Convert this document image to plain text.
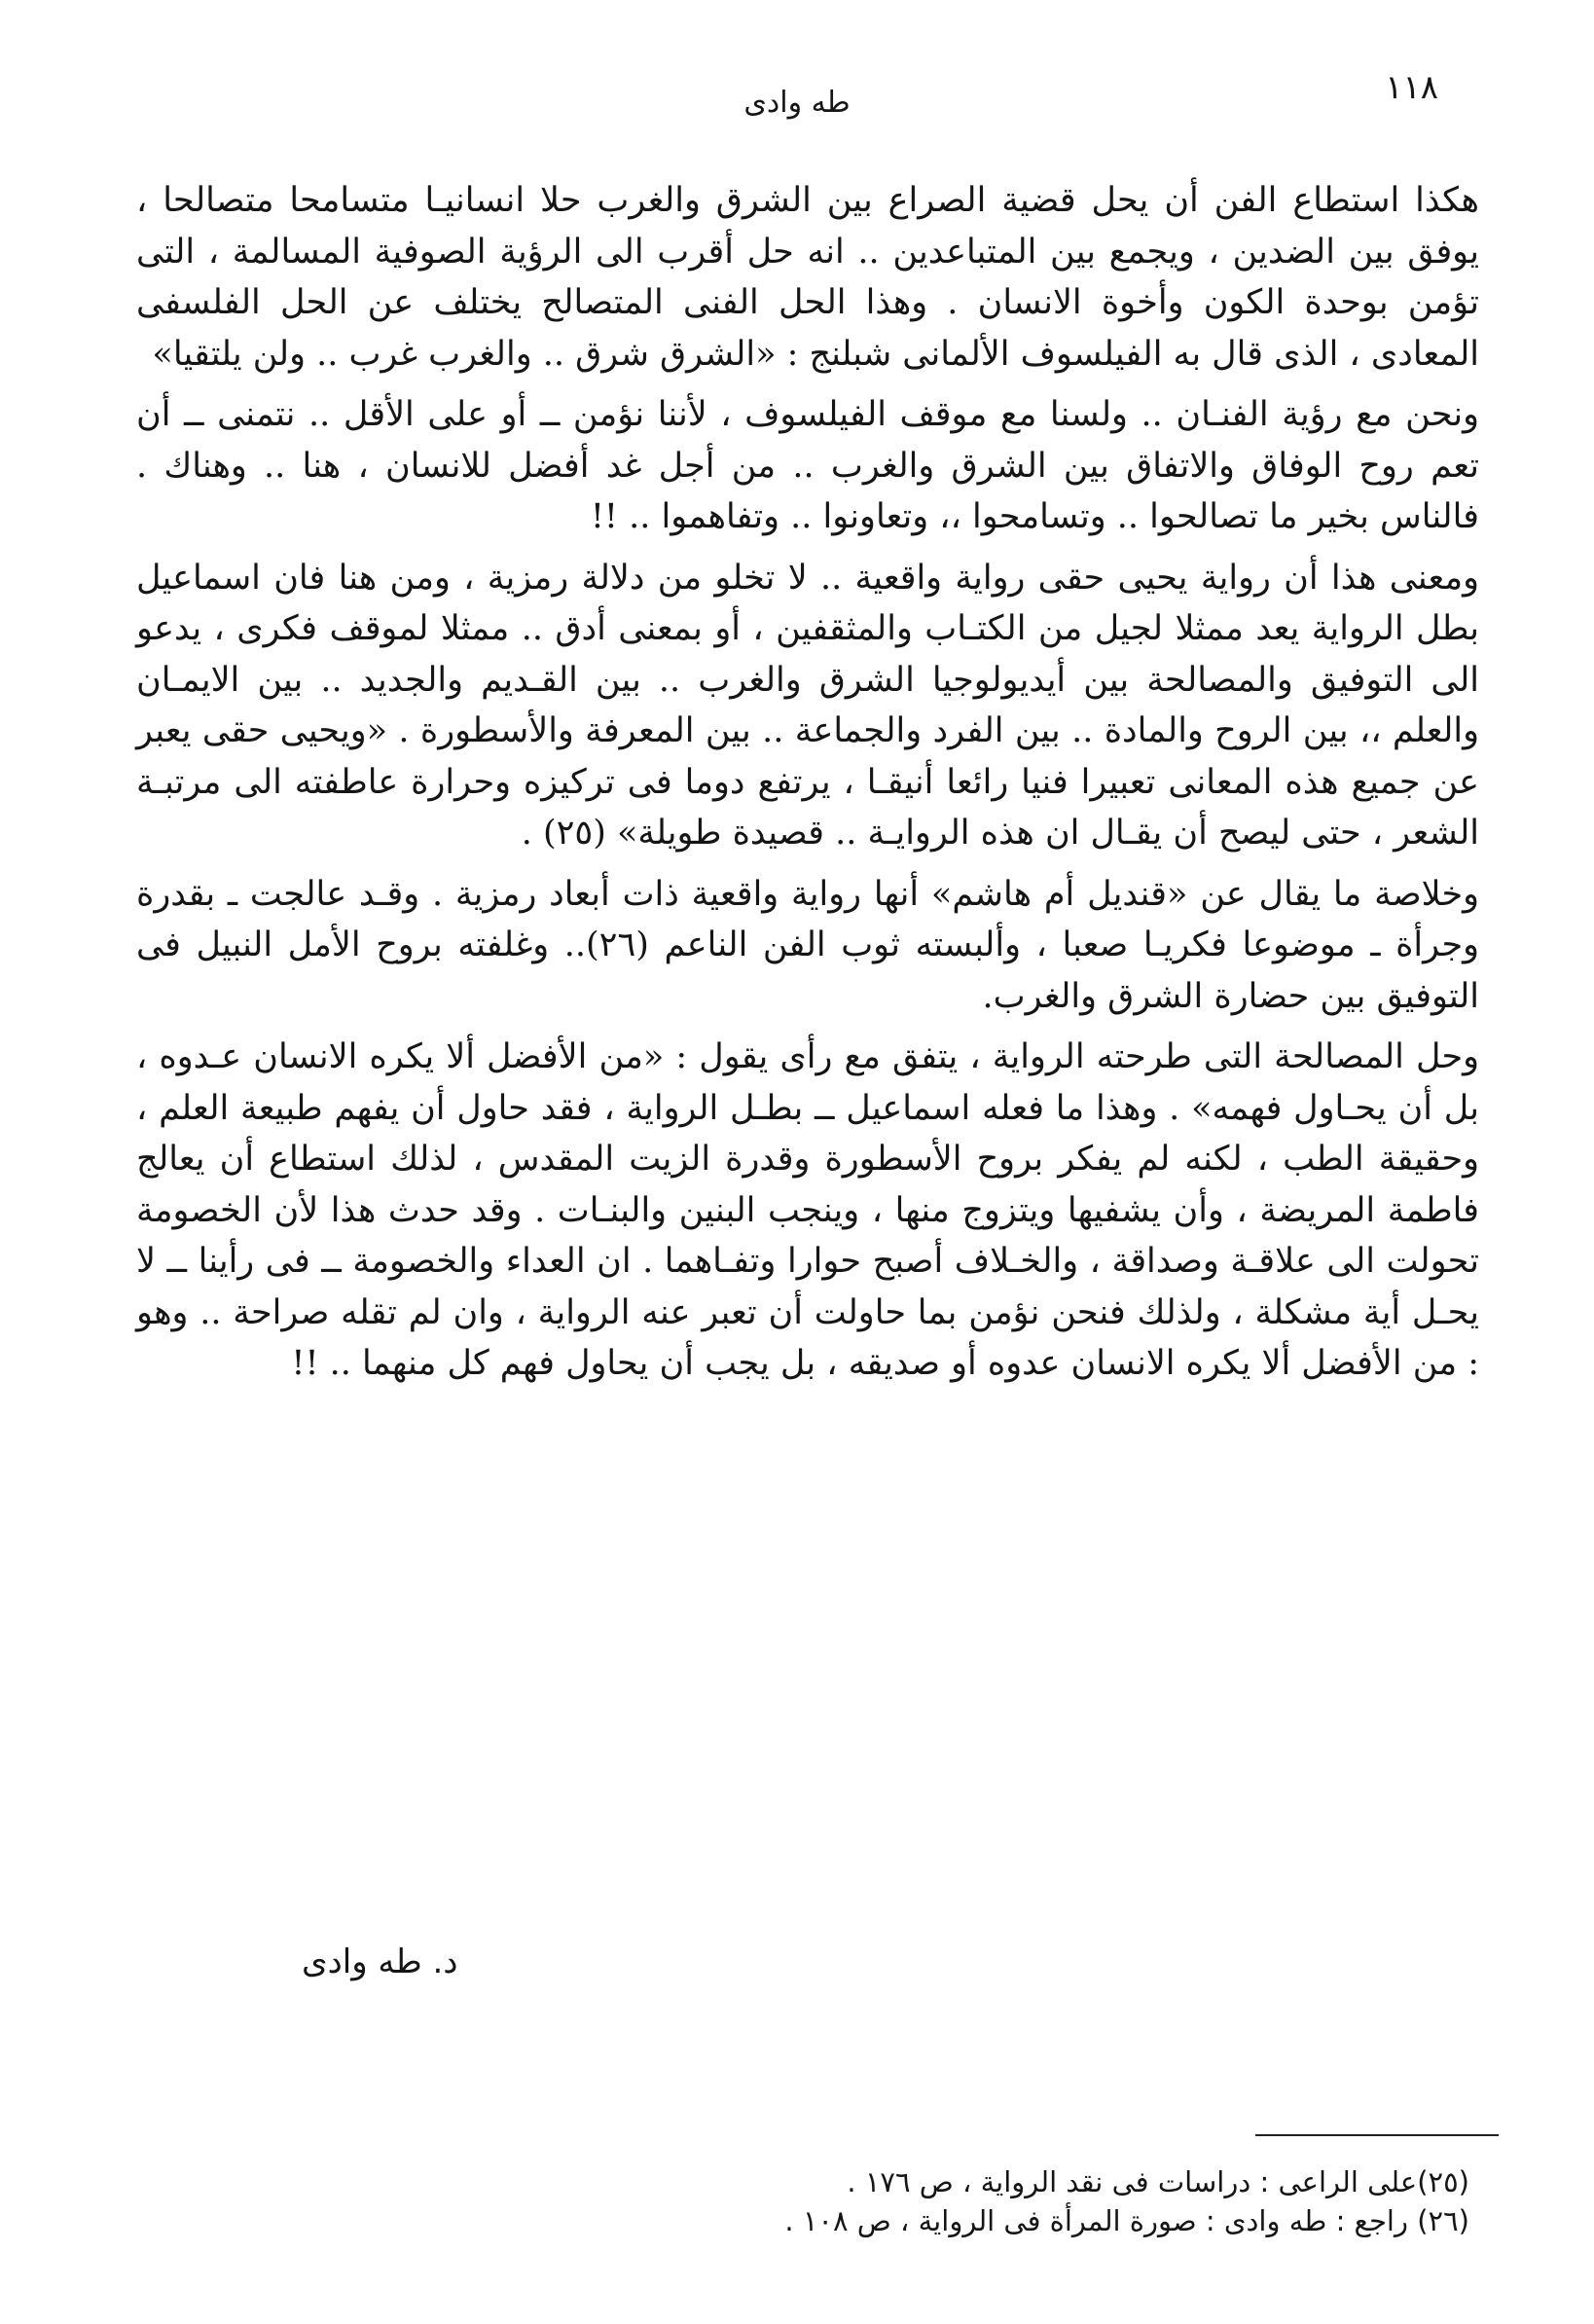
١١٨
طه وادى

هكذا استطاع الفن أن يحل قضية الصراع بين الشرق والغرب حلا انسانيـا متسامحا متصالحا ، يوفق بين الضدين ، ويجمع بين المتباعدين .. انه حل أقرب الى الرؤية الصوفية المسالمة ، التى تؤمن بوحدة الكون وأخوة الانسان . وهذا الحل الفنى المتصالح يختلف عن الحل الفلسفى المعادى ، الذى قال به الفيلسوف الألمانى شبلنج : «الشرق شرق .. والغرب غرب .. ولن يلتقيا»

ونحن مع رؤية الفنـان .. ولسنا مع موقف الفيلسوف ، لأننا نؤمن ــ أو على الأقل .. نتمنى ــ أن تعم روح الوفاق والاتفاق بين الشرق والغرب .. من أجل غد أفضل للانسان ، هنا .. وهناك . فالناس بخير ما تصالحوا .. وتسامحوا ،، وتعاونوا .. وتفاهموا .. !!

ومعنى هذا أن رواية يحيى حقى رواية واقعية .. لا تخلو من دلالة رمزية ، ومن هنا فان اسماعيل بطل الرواية يعد ممثلا لجيل من الكتـاب والمثقفين ، أو بمعنى أدق .. ممثلا لموقف فكرى ، يدعو الى التوفيق والمصالحة بين أيديولوجيا الشرق والغرب .. بين القـديم والجديد .. بين الايمـان والعلم ،، بين الروح والمادة .. بين الفرد والجماعة .. بين المعرفة والأسطورة . «ويحيى حقى يعبر عن جميع هذه المعانى تعبيرا فنيا رائعا أنيقـا ، يرتفع دوما فى تركيزه وحرارة عاطفته الى مرتبـة الشعر ، حتى ليصح أن يقـال ان هذه الروايـة .. قصيدة طويلة» (٢٥) .

وخلاصة ما يقال عن «قنديل أم هاشم» أنها رواية واقعية ذات أبعاد رمزية . وقـد عالجت ـ بقدرة وجرأة ـ موضوعا فكريـا صعبا ، وألبسته ثوب الفن الناعم (٢٦).. وغلفته بروح الأمل النبيل فى التوفيق بين حضارة الشرق والغرب.

وحل المصالحة التى طرحته الرواية ، يتفق مع رأى يقول : «من الأفضل ألا يكره الانسان عـدوه ، بل أن يحـاول فهمه» . وهذا ما فعله اسماعيل ــ بطـل الرواية ، فقد حاول أن يفهم طبيعة العلم ، وحقيقة الطب ، لكنه لم يفكر بروح الأسطورة وقدرة الزيت المقدس ، لذلك استطاع أن يعالج فاطمة المريضة ، وأن يشفيها ويتزوج منها ، وينجب البنين والبنـات . وقد حدث هذا لأن الخصومة تحولت الى علاقـة وصداقة ، والخـلاف أصبح حوارا وتفـاهما . ان العداء والخصومة ــ فى رأينا ــ لا يحـل أية مشكلة ، ولذلك فنحن نؤمن بما حاولت أن تعبر عنه الرواية ، وان لم تقله صراحة .. وهو : من الأفضل ألا يكره الانسان عدوه أو صديقه ، بل يجب أن يحاول فهم كل منهما .. !!

د. طه وادى

(٢٥)على الراعى : دراسات فى نقد الرواية ، ص ١٧٦ .

(٢٦) راجع : طه وادى : صورة المرأة فى الرواية ، ص ١٠٨ .
